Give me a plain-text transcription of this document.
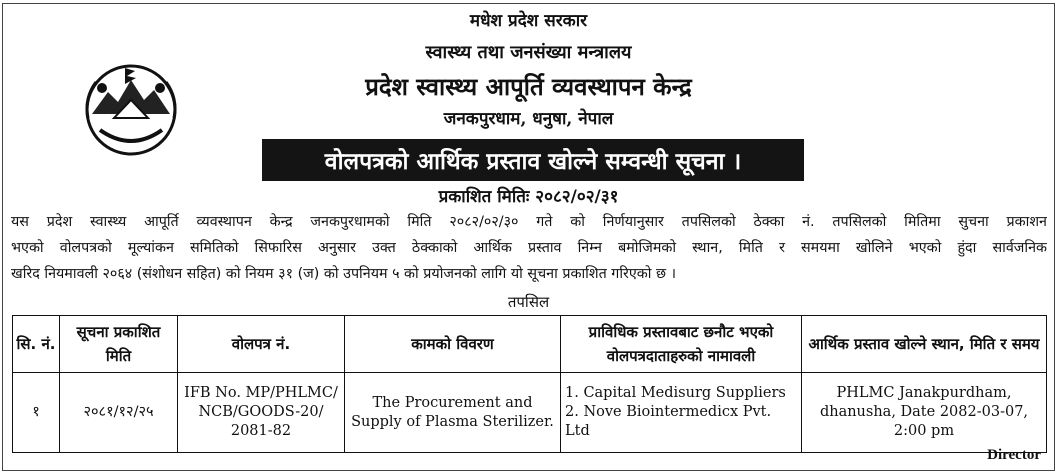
मधेश प्रदेश सरकार
स्वास्थ्य तथा जनसंख्या मन्त्रालय
प्रदेश स्वास्थ्य आपूर्ति व्यवस्थापन केन्द्र
जनकपुरधाम, धनुषा, नेपाल
वोलपत्रको आर्थिक प्रस्ताव खोल्ने सम्वन्धी सूचना ।
प्रकाशित मितिः २०८२/०२/३१
यस प्रदेश स्वास्थ्य आपूर्ति व्यवस्थापन केन्द्र जनकपुरधामको मिति २०८२/०२/३० गते को निर्णयानुसार तपसिलको ठेक्का नं. तपसिलको मितिमा सुचना प्रकाशन
भएको वोलपत्रको मूल्यांकन समितिको सिफारिस अनुसार उक्त ठेक्काको आर्थिक प्रस्ताव निम्न बमोजिमको स्थान, मिति र समयमा खोलिने भएको हुंदा सार्वजनिक
खरिद नियमावली २०६४ (संशोधन सहित) को नियम ३१ (ज) को उपनियम ५ को प्रयोजनको लागि यो सूचना प्रकाशित गरिएको छ ।
तपसिल
सि. नं.	सूचना प्रकाशित मिति	वोलपत्र नं.	कामको विवरण	प्राविधिक प्रस्तावबाट छनौट भएको वोलपत्रदाताहरुको नामावली	आर्थिक प्रस्ताव खोल्ने स्थान, मिति र समय
१	२०८१/१२/२५	IFB No. MP/PHLMC/ NCB/GOODS-20/ 2081-82	The Procurement and Supply of Plasma Sterilizer.	1. Capital Medisurg Suppliers
2. Nove Biointermedicx Pvt. Ltd	PHLMC Janakpurdham, dhanusha, Date 2082-03-07, 2:00 pm
Director
